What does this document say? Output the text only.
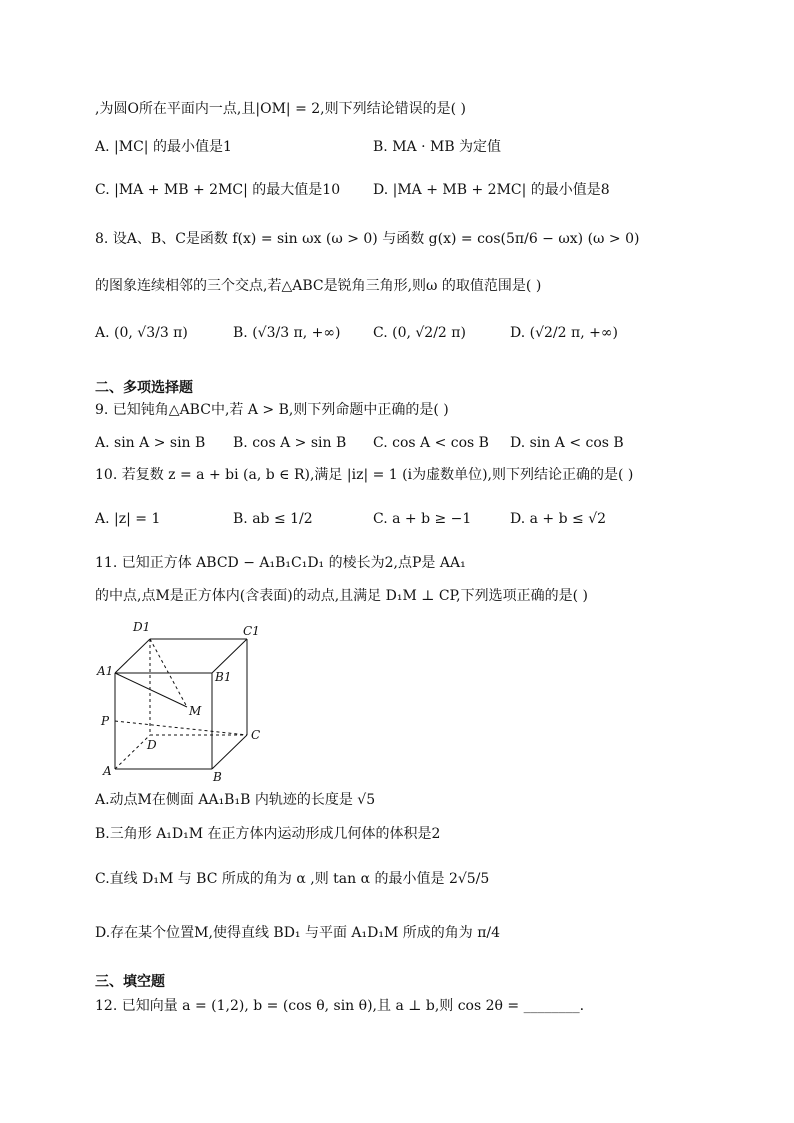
,为圆O所在平面内一点,且|OM| = 2,则下列结论错误的是( )
A. |MC| 的最小值是1	B. MA · MB 为定值
C. |MA + MB + 2MC| 的最大值是10 D. |MA + MB + 2MC| 的最小值是8
8. 设A、B、C是函数 f(x) = sin ωx (ω > 0) 与函数 g(x) = cos(5π/6 − ωx) (ω > 0)
的图象连续相邻的三个交点,若△ABC是锐角三角形,则ω 的取值范围是( )
A. (0, √3/3 π)	B. (√3/3 π, +∞) C. (0, √2/2 π)	D. (√2/2 π, +∞)
二、多项选择题
9. 已知钝角△ABC中,若 A > B,则下列命题中正确的是( )
A. sin A > sin B B. cos A > sin B C. cos A < cos B D. sin A < cos B
10. 若复数 z = a + bi (a, b ∈ R),满足 |iz| = 1 (i为虚数单位),则下列结论正确的是( )
A. |z| = 1	B. ab ≤ 1/2	C. a + b ≥ −1	D. a + b ≤ √2
11. 已知正方体 ABCD − A₁B₁C₁D₁ 的棱长为2,点P是 AA₁
的中点,点M是正方体内(含表面)的动点,且满足 D₁M ⊥ CP,下列选项正确的是( )
D1	C1
A1	B1
M
P
D
C
A	B
A.动点M在侧面 AA₁B₁B 内轨迹的长度是 √5
B.三角形 A₁D₁M 在正方体内运动形成几何体的体积是2
C.直线 D₁M 与 BC 所成的角为 α ,则 tan α 的最小值是 2√5/5
D.存在某个位置M,使得直线 BD₁ 与平面 A₁D₁M 所成的角为 π/4
三、填空题
12. 已知向量 a = (1,2), b = (cos θ, sin θ),且 a ⊥ b,则 cos 2θ = ________.
